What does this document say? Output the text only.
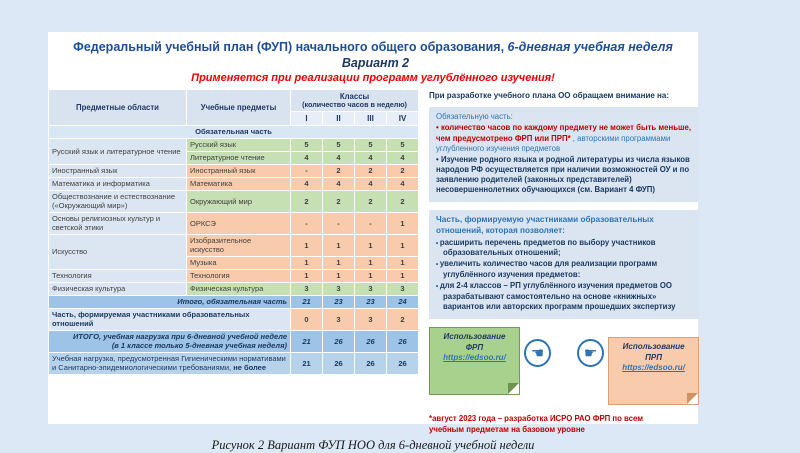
Федеральный учебный план (ФУП) начального общего образования, 6-дневная учебная неделя Вариант 2
Применяется при реализации программ углублённого изучения!
Предметные области	Учебные предметы	Классы
(количество часов в неделю)			

		I	II	III	IV
Обязательная часть					
Русский язык и литературное чтение	Русский язык	5	5	5	5
	Литературное чтение	4	4	4	4
Иностранный язык	Иностранный язык	-	2	2	2
Математика и информатика	Математика	4	4	4	4
Обществознание и естествознание («Окружающий мир»)	Окружающий мир	2	2	2	2
Основы религиозных культур и светской этики	ОРКСЭ	-	-	-	1
Искусство	Изобразительное искусство	1	1	1	1
	Музыка	1	1	1	1
Технология	Технология	1	1	1	1
Физическая культура	Физическая культура	3	3	3	3
Итого, обязательная часть		21	23	23	24
Часть, формируемая участниками образовательных отношений		0	3	3	2

ИТОГО, учебная нагрузка при 6-дневной учебной неделе
(в 1 классе только 5-дневная учебная неделя)		21	26	26	26
Учебная нагрузка, предусмотренная Гигиеническими нормативами и Санитарно-эпидемиологическими требованиями, не более		21	26	26	26
При разработке учебного плана ОО обращаем внимание на:
Обязательную часть:
• количество часов по каждому предмету не может быть меньше, чем предусмотрено ФРП или ПРП* , авторскими программами углубленного изучения предметов
• Изучение родного языка и родной литературы из числа языков народов РФ осуществляется при наличии возможностей ОУ и по заявлению родителей (законных представителей) несовершеннолетних обучающихся (см. Вариант 4 ФУП)
Часть, формируемую участниками образовательных отношений, которая позволяет:
• расширить перечень предметов по выбору участников образовательных отношений;
• увеличить количество часов для реализации программ углублённого изучения предметов:
• для 2-4 классов – РП углублённого изучения предметов ОО разрабатывают самостоятельно на основе «книжных» вариантов или авторских программ прошедших экспертизу
Использование
ФРП
https://edsoo.ru/	☚	☛	Использование
ПРП
https://edsoo.ru/
*август 2023 года – разработка ИСРО РАО ФРП по всем учебным предметам на базовом уровне
Рисунок 2 Вариант ФУП НОО для 6-дневной учебной недели
